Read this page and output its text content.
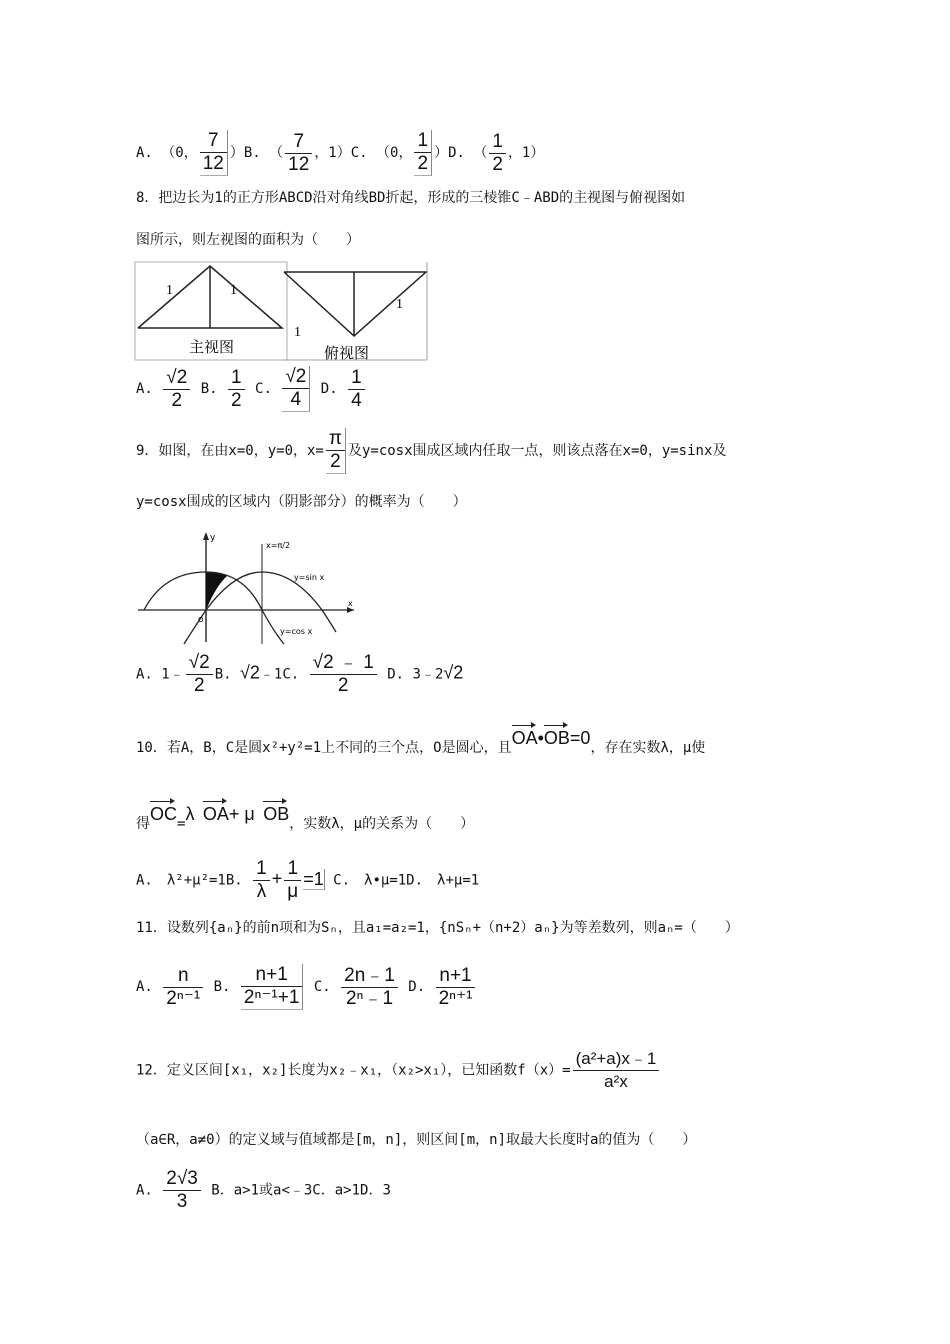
A. （0， $\frac{7}{12} )B$. （ $\frac{7}{12}$ ，1）C. （0， $\frac{1}{2} )D$. （ $\frac{1}{2}$ ，1）
8．把边长为1的正方形ABCD沿对角线BD折起，形成的三棱锥C﹣ABD的主视图与俯视图如
图所示，则左视图的面积为（　　）
1	1
主视图
1
1
俯视图
A. $\frac{√2}{2} B$. $\frac{1}{2} C$. $\frac{√2}{4} D$. $\frac{1}{4}$
9．如图，在由x=0，y=0，$x= \frac{\pi}{2}$ 及y=cosx围成区域内任取一点，则该点落在x=0，y=sinx及
y=cosx围成的区域内（阴影部分）的概率为（　　）
y
x=π/2
y=sin x
y=cos x
x
O
A. 1﹣ $\frac{√2}{2} B$. √2﹣1C. $\frac{√2 ﹣ 1}{2} D$. 3﹣2√2
10．若A，B，C是圆x²+y²=1上不同的三个点，O是圆心，且OA•OB=0，存在实数λ，μ使
得OC=λ OA+ μ OB，实数λ，μ的关系为（　　）
A.　λ²+μ²=1B. $\frac{1}{\lambda} + \frac{1}{\mu} =1$ C.　λ•μ=1D.　λ+μ=1
11．设数列{aₙ}的前n项和为Sₙ，且a₁=a₂=1，{nSₙ+（n+2）aₙ}为等差数列，则aₙ=（　　）
A. $\frac{n}{\text{2ⁿ⁻¹}} B$. $\frac{n+1}{\text{2ⁿ⁻¹+1}} C$. $\frac{2n﹣1}{\text{2ⁿ﹣1}} D$. $\frac{n+1}{\text{2ⁿ⁺¹}}$
12．定义区间[x₁，x₂]长度为x₂﹣x₁，（x₂>x₁），已知函数$f(x)= \frac{\text{(a²+a)x﹣1}}{\text{a²x}}$
（a∈R，a≠0）的定义域与值域都是[m，n]，则区间[m，n]取最大长度时a的值为（　　）
A. $\frac{2√3}{3}$ B．a>1或a<﹣3C．a>1D．3
